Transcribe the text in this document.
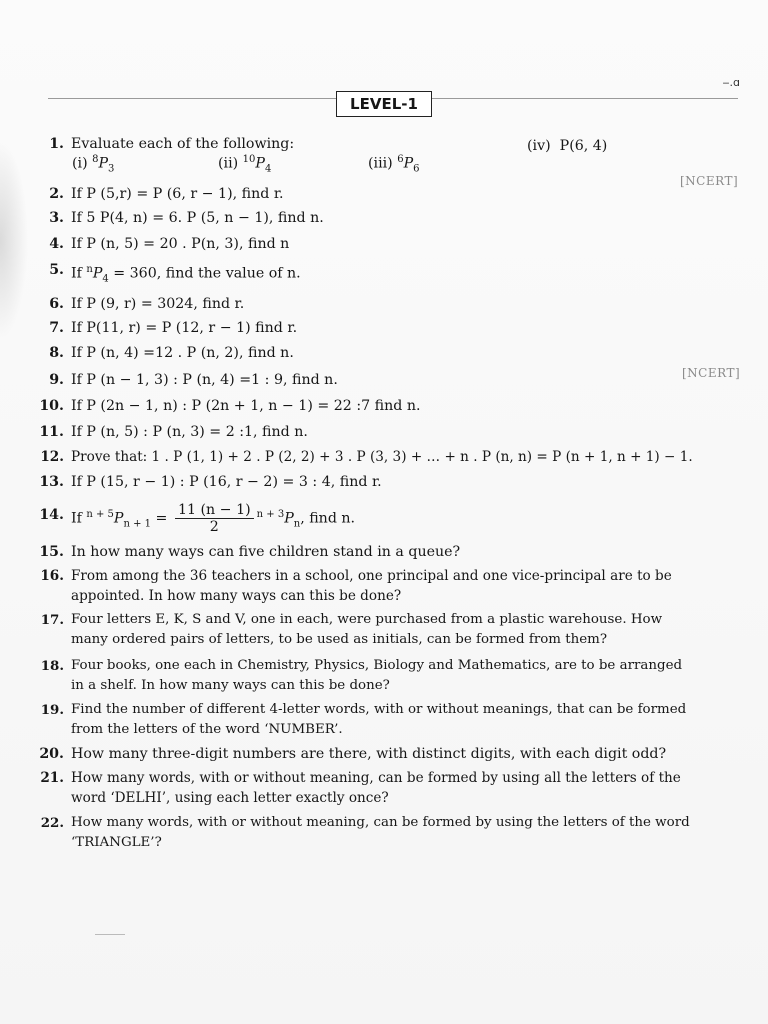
‒.ɑ
LEVEL-1
[NCERT]
[NCERT]
1. Evaluate each of the following:
(i) $^8P_3$	(ii) $^{10}P_4$	(iii) $^6P_6$
(iv) P(6, 4)
2. If P (5,r) = P (6, r − 1), find r.
3. If 5 P(4, n) = 6. P (5, n − 1), find n.
4. If P (n, 5) = 20 . P(n, 3), find n
5. If $^nP_4 = 360$, find the value of n.
6. If P (9, r) = 3024, find r.
7. If P(11, r) = P (12, r − 1) find r.
8. If P (n, 4) =12 . P (n, 2), find n.
9. If P (n − 1, 3) : P (n, 4) =1 : 9, find n.
10. If P (2n − 1, n) : P (2n + 1, n − 1) = 22 :7 find n.
11. If P (n, 5) : P (n, 3) = 2 :1, find n.
12. Prove that: 1 . P (1, 1) + 2 . P (2, 2) + 3 . P (3, 3) + … + n . P (n, n) = P (n + 1, n + 1) − 1.
13. If P (15, r − 1) : P (16, r − 2) = 3 : 4, find r.
14. If $^{n + 5}P_{n + 1} = \frac{11 (n - 1)}{2} ^{n + 3}P_n$, find n.
15. In how many ways can five children stand in a queue?
16. From among the 36 teachers in a school, one principal and one vice-principal are to be
appointed. In how many ways can this be done?
17. Four letters E, K, S and V, one in each, were purchased from a plastic warehouse. How
many ordered pairs of letters, to be used as initials, can be formed from them?
18. Four books, one each in Chemistry, Physics, Biology and Mathematics, are to be arranged
in a shelf. In how many ways can this be done?
19. Find the number of different 4-letter words, with or without meanings, that can be formed
from the letters of the word ‘NUMBER’.
20. How many three-digit numbers are there, with distinct digits, with each digit odd?
21. How many words, with or without meaning, can be formed by using all the letters of the
word ‘DELHI’, using each letter exactly once?
22. How many words, with or without meaning, can be formed by using the letters of the word
‘TRIANGLE’?
